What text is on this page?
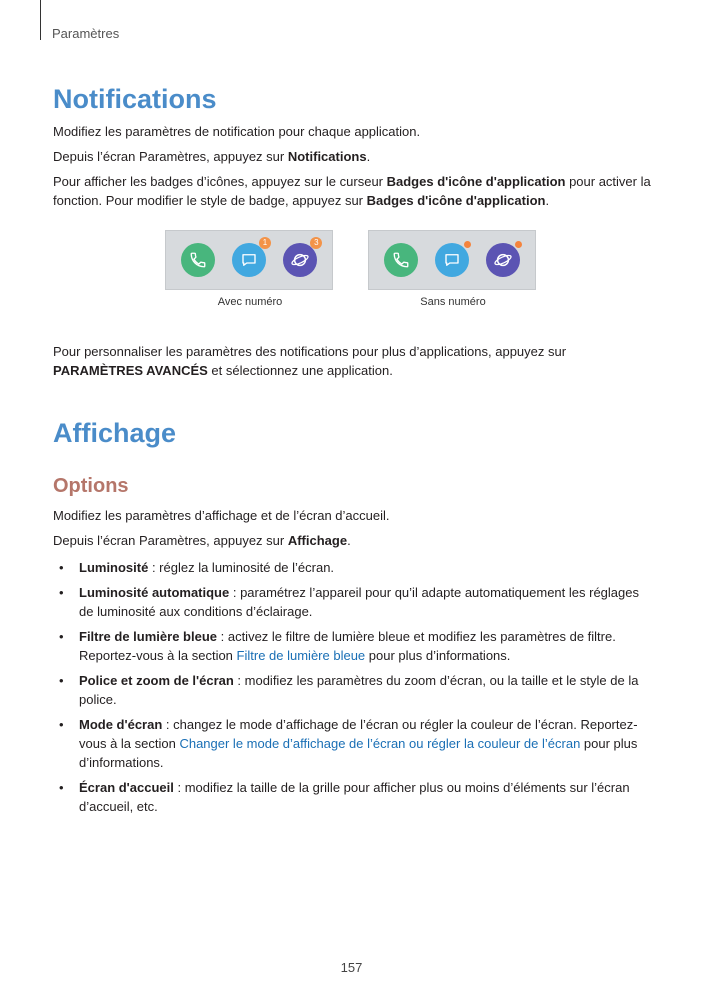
Paramètres
Notifications

Modifiez les paramètres de notification pour chaque application.

Depuis l’écran Paramètres, appuyez sur Notifications.

Pour afficher les badges d’icônes, appuyez sur le curseur Badges d'icône d'application pour activer la fonction. Pour modifier le style de badge, appuyez sur Badges d'icône d'application.

1	3
Avec numéro	Sans numéro

Pour personnaliser les paramètres des notifications pour plus d’applications, appuyez sur PARAMÈTRES AVANCÉS et sélectionnez une application.

Affichage
Options

Modifiez les paramètres d’affichage et de l’écran d’accueil.

Depuis l’écran Paramètres, appuyez sur Affichage.

• Luminosité : réglez la luminosité de l’écran.
• Luminosité automatique : paramétrez l’appareil pour qu’il adapte automatiquement les réglages de luminosité aux conditions d’éclairage.
• Filtre de lumière bleue : activez le filtre de lumière bleue et modifiez les paramètres de filtre. Reportez-vous à la section Filtre de lumière bleue pour plus d’informations.
• Police et zoom de l'écran : modifiez les paramètres du zoom d’écran, ou la taille et le style de la police.
• Mode d'écran : changez le mode d’affichage de l’écran ou régler la couleur de l’écran. Reportez-vous à la section Changer le mode d’affichage de l’écran ou régler la couleur de l’écran pour plus d’informations.
• Écran d'accueil : modifiez la taille de la grille pour afficher plus ou moins d’éléments sur l’écran d’accueil, etc.
157
